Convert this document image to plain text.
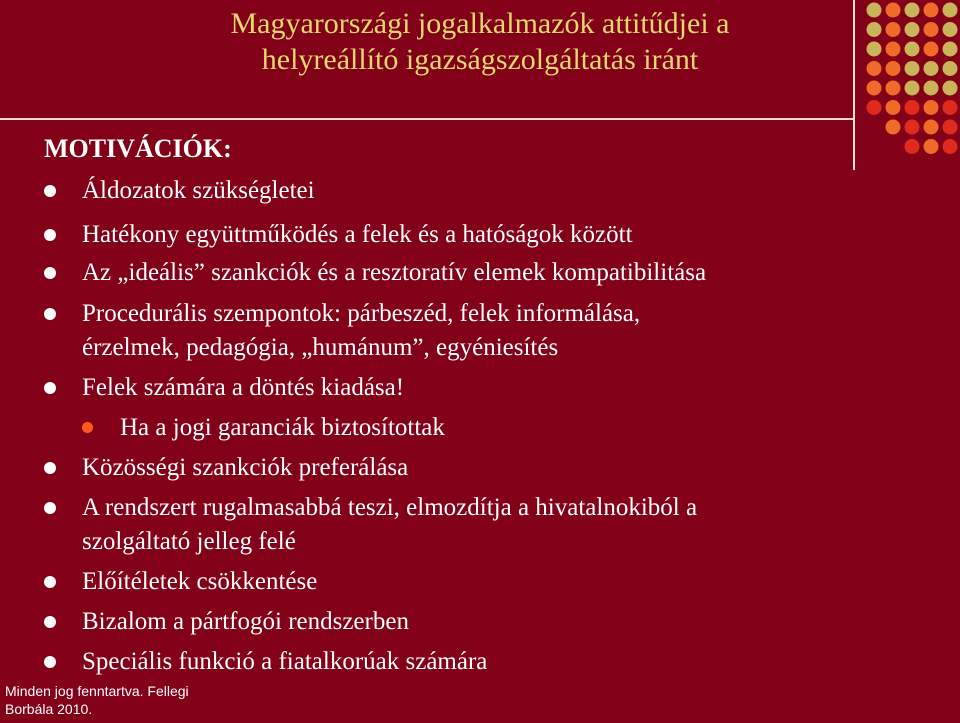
Magyarországi jogalkalmazók attitűdjei a
helyreállító igazságszolgáltatás iránt
MOTIVÁCIÓK:
Áldozatok szükségletei
Hatékony együttműködés a felek és a hatóságok között
Az „ideális” szankciók és a resztoratív elemek kompatibilitása
Procedurális szempontok: párbeszéd, felek informálása,
érzelmek, pedagógia, „humánum”, egyéniesítés
Felek számára a döntés kiadása!
Ha a jogi garanciák biztosítottak
Közösségi szankciók preferálása
A rendszert rugalmasabbá teszi, elmozdítja a hivatalnokiból a
szolgáltató jelleg felé
Előítéletek csökkentése
Bizalom a pártfogói rendszerben
Speciális funkció a fiatalkorúak számára
Minden jog fenntartva. Fellegi
Borbála 2010.
